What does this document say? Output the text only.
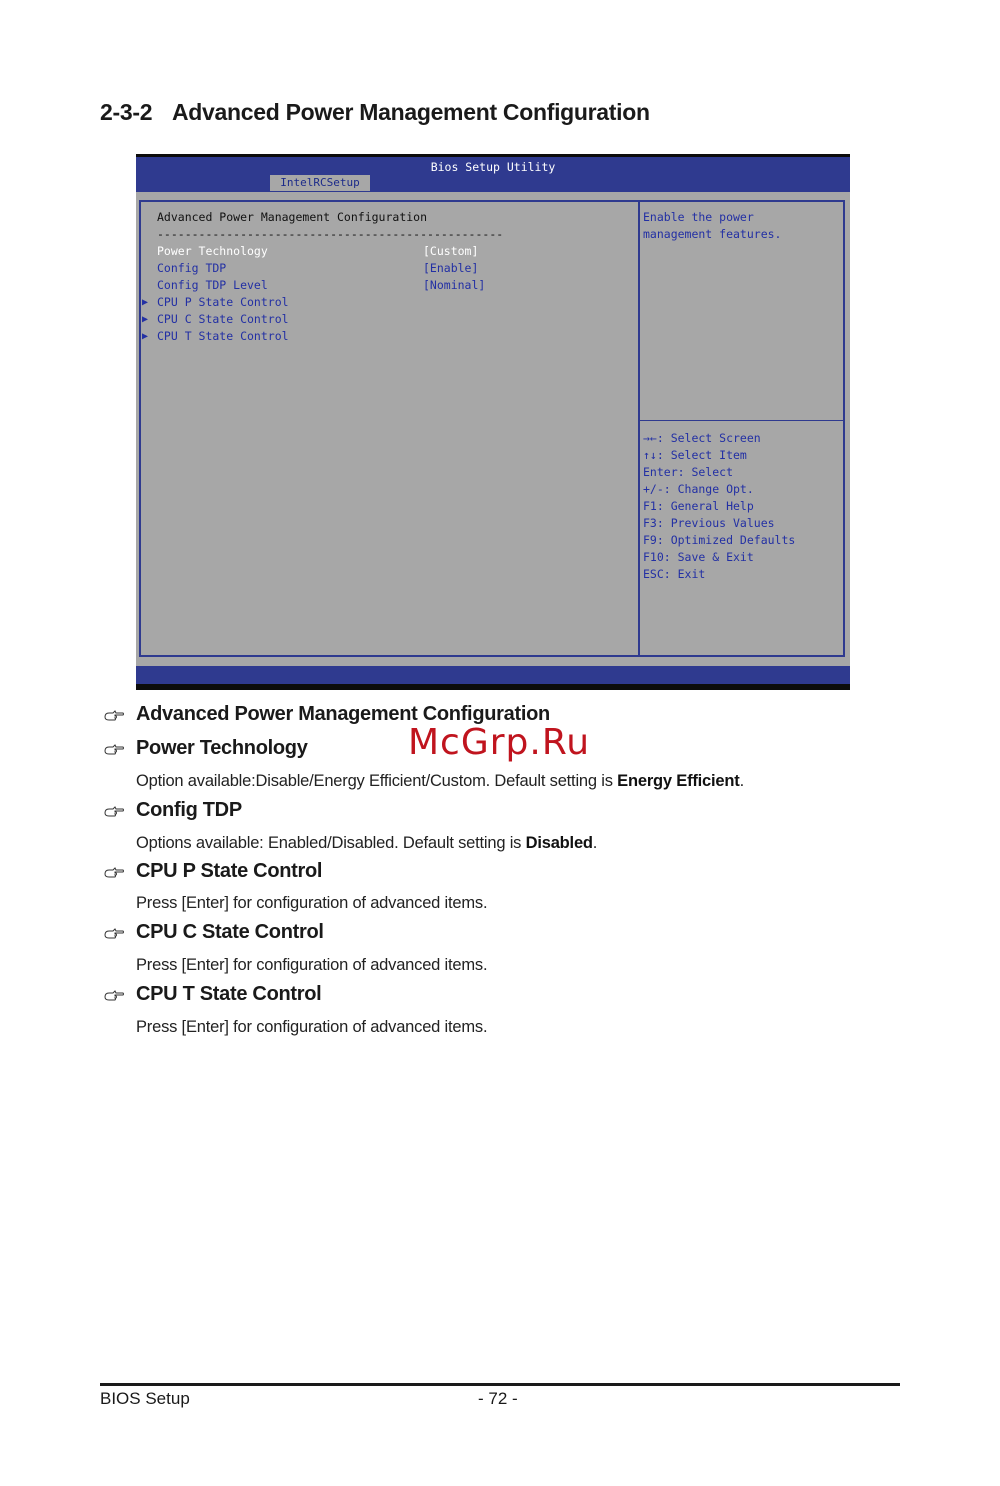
2-3-2 Advanced Power Management Configuration
Bios Setup Utility
IntelRCSetup
Advanced Power Management Configuration
--------------------------------------------------
Power Technology	[Custom]
Config TDP	[Enable]
Config TDP Level	[Nominal]
▶ CPU P State Control
▶ CPU C State Control
▶ CPU T State Control
Enable the power
management features.
→←: Select Screen
↑↓: Select Item
Enter: Select
+/-: Change Opt.
F1: General Help
F3: Previous Values
F9: Optimized Defaults
F10: Save & Exit
ESC: Exit
Advanced Power Management Configuration
Power Technology

Option available:Disable/Energy Efficient/Custom. Default setting is Energy Efficient.

Config TDP

Options available: Enabled/Disabled. Default setting is Disabled.

CPU P State Control

Press [Enter] for configuration of advanced items.

CPU C State Control

Press [Enter] for configuration of advanced items.

CPU T State Control

Press [Enter] for configuration of advanced items.

McGrp.Ru
BIOS Setup	- 72 -
